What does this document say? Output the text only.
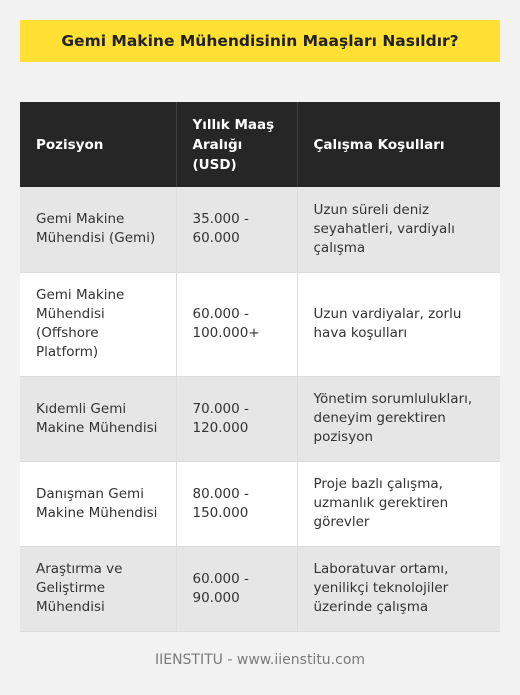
Gemi Makine Mühendisinin Maaşları Nasıldır?
Pozisyon	Yıllık Maaş Aralığı (USD)	Çalışma Koşulları
Gemi Makine Mühendisi (Gemi)	35.000 - 60.000	Uzun süreli deniz seyahatleri, vardiyalı çalışma
Gemi Makine Mühendisi (Offshore Platform)	60.000 - 100.000+	Uzun vardiyalar, zorlu hava koşulları
Kıdemli Gemi Makine Mühendisi	70.000 - 120.000	Yönetim sorumlulukları, deneyim gerektiren pozisyon
Danışman Gemi Makine Mühendisi	80.000 - 150.000	Proje bazlı çalışma, uzmanlık gerektiren görevler
Araştırma ve Geliştirme Mühendisi	60.000 - 90.000	Laboratuvar ortamı, yenilikçi teknolojiler üzerinde çalışma
IIENSTITU - www.iienstitu.com
